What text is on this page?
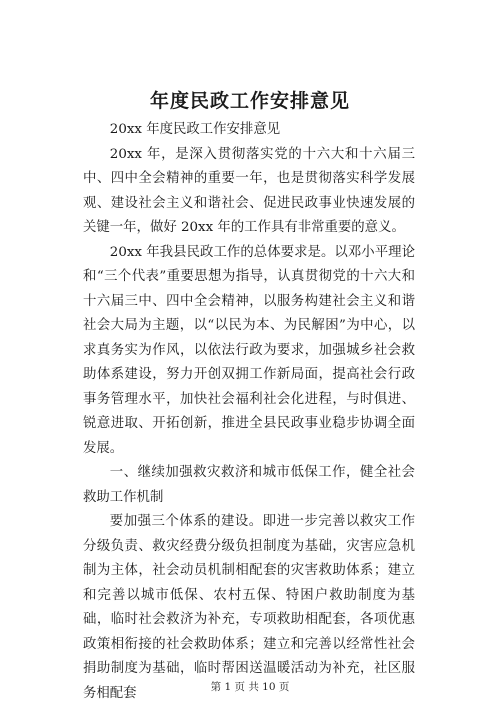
年度民政工作安排意见

20xx 年度民政工作安排意见

20xx 年，是深入贯彻落实党的十六大和十六届三中、四中全会精神的重要一年，也是贯彻落实科学发展观、建设社会主义和谐社会、促进民政事业快速发展的关键一年，做好 20xx 年的工作具有非常重要的意义。

20xx 年我县民政工作的总体要求是。以邓小平理论和“三个代表”重要思想为指导，认真贯彻党的十六大和十六届三中、四中全会精神，以服务构建社会主义和谐社会大局为主题，以“以民为本、为民解困”为中心，以求真务实为作风，以依法行政为要求，加强城乡社会救助体系建设，努力开创双拥工作新局面，提高社会行政事务管理水平，加快社会福利社会化进程，与时俱进、锐意进取、开拓创新，推进全县民政事业稳步协调全面发展。

一、继续加强救灾救济和城市低保工作，健全社会救助工作机制

要加强三个体系的建设。即进一步完善以救灾工作分级负责、救灾经费分级负担制度为基础，灾害应急机制为主体，社会动员机制相配套的灾害救助体系；建立和完善以城市低保、农村五保、特困户救助制度为基础，临时社会救济为补充，专项救助相配套，各项优惠政策相衔接的社会救助体系；建立和完善以经常性社会捐助制度为基础，临时帮困送温暖活动为补充，社区服务相配套	第 1 页 共 10 页
